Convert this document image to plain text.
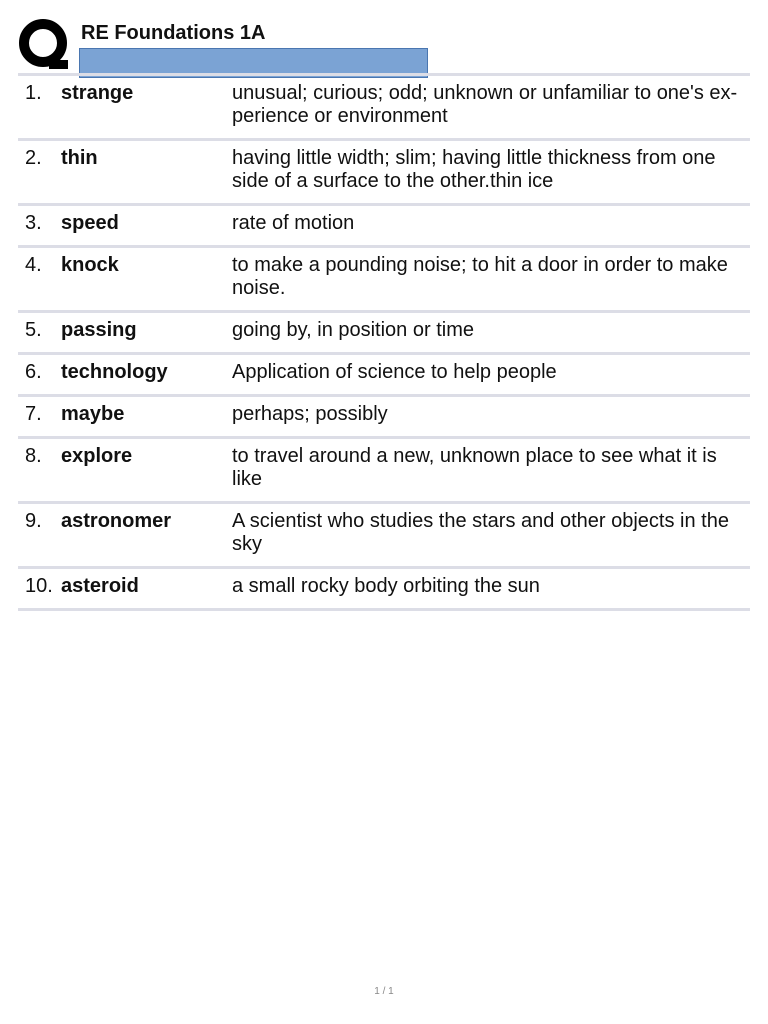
RE Foundations 1A
1. strange	unusual; curious; odd; unknown or unfamiliar to one's ex-perience or environment
2. thin	having little width; slim; having little thickness from one side of a surface to the other.thin ice
3. speed	rate of motion
4. knock	to make a pounding noise; to hit a door in order to make noise.
5. passing	going by, in position or time
6. technology	Application of science to help people
7. maybe	perhaps; possibly
8. explore	to travel around a new, unknown place to see what it is like
9. astronomer	A scientist who studies the stars and other objects in the sky
10. asteroid	a small rocky body orbiting the sun
1 / 1
